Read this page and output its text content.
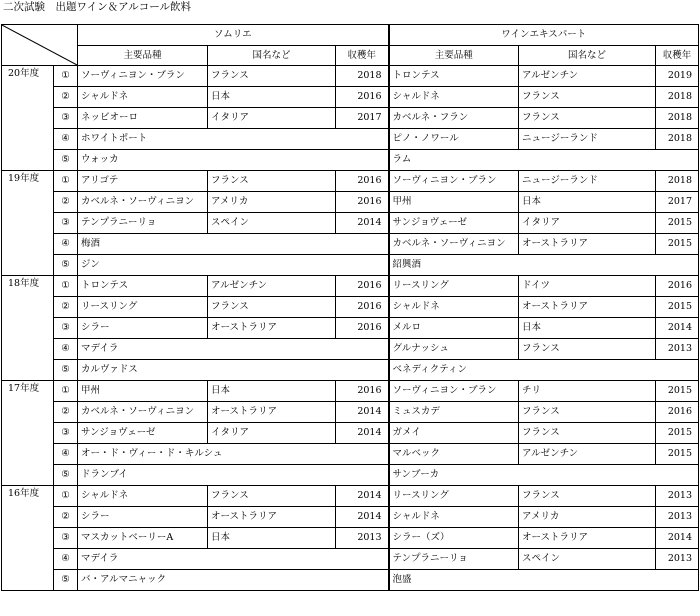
二次試験　出題ワイン＆アルコール飲料
	ソムリエ			ワインエキスパート		
		主要品種	国名など	収穫年	主要品種	国名など	収穫年
20年度	①	ソーヴィニヨン・ブラン	フランス	2018	トロンテス	アルゼンチン	2019
	②	シャルドネ	日本	2016	シャルドネ	フランス	2018
	③	ネッビオーロ	イタリア	2017	カベルネ・フラン	フランス	2018
	④	ホワイトポート			ピノ・ノワール	ニュージーランド	2018
	⑤	ウォッカ			ラム		
19年度	①	アリゴテ	フランス	2016	ソーヴィニヨン・ブラン	ニュージーランド	2018
	②	カベルネ・ソーヴィニヨン	アメリカ	2016	甲州	日本	2017
	③	テンプラニーリョ	スペイン	2014	サンジョヴェーゼ	イタリア	2015
	④	梅酒			カベルネ・ソーヴィニヨン	オーストラリア	2015
	⑤	ジン			紹興酒		
18年度	①	トロンテス	アルゼンチン	2016	リースリング	ドイツ	2016
	②	リースリング	フランス	2016	シャルドネ	オーストラリア	2015
	③	シラー	オーストラリア	2016	メルロ	日本	2014
	④	マデイラ			グルナッシュ	フランス	2013
	⑤	カルヴァドス			ベネディクティン		
17年度	①	甲州	日本	2016	ソーヴィニヨン・ブラン	チリ	2015
	②	カベルネ・ソーヴィニヨン	オーストラリア	2014	ミュスカデ	フランス	2016
	③	サンジョヴェーゼ	イタリア	2014	ガメイ	フランス	2015
	④	オー・ド・ヴィー・ド・キルシュ			マルベック	アルゼンチン	2015
	⑤	ドランブイ			サンブーカ		
16年度	①	シャルドネ	フランス	2014	リースリング	フランス	2013
	②	シラー	オーストラリア	2014	シャルドネ	アメリカ	2013
	③	マスカットベーリーA	日本	2013	シラー（ズ）	オーストラリア	2014
	④	マデイラ			テンプラニーリョ	スペイン	2013
	⑤	バ・アルマニャック			泡盛		
